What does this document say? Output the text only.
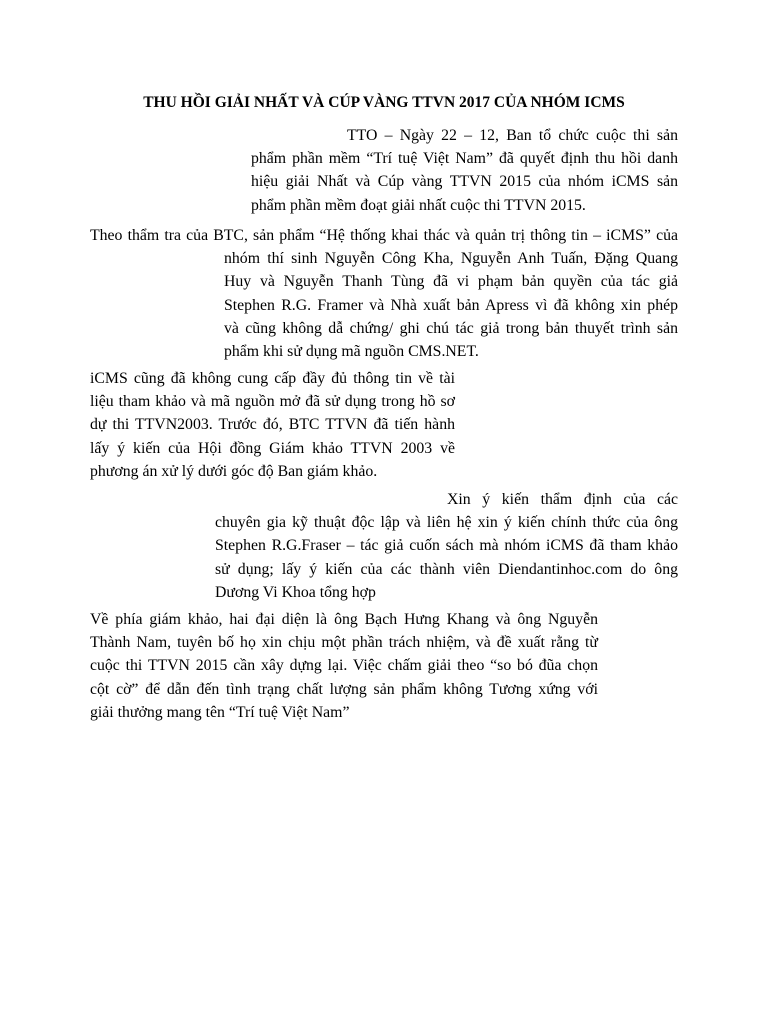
THU HỒI GIẢI NHẤT VÀ CÚP VÀNG TTVN 2017 CỦA NHÓM ICMS
TTO – Ngày 22 – 12, Ban tổ chức cuộc thi sản
phẩm phần mềm “Trí tuệ Việt Nam” đã quyết định thu hồi danh
hiệu giải Nhất và Cúp vàng TTVN 2015 của nhóm iCMS sản
phẩm phần mềm đoạt giải nhất cuộc thi TTVN 2015.
Theo thẩm tra của BTC, sản phẩm “Hệ thống khai thác và quản trị thông tin – iCMS” của
nhóm thí sinh Nguyễn Công Kha, Nguyễn Anh Tuấn, Đặng Quang
Huy và Nguyễn Thanh Tùng đã vi phạm bản quyền của tác giả
Stephen R.G. Framer và Nhà xuất bản Apress vì đã không xin phép
và cũng không dẫ chứng/ ghi chú tác giả trong bản thuyết trình sản
phẩm khi sử dụng mã nguồn CMS.NET.
iCMS cũng đã không cung cấp đầy đủ thông tin về tài
liệu tham khảo và mã nguồn mở đã sử dụng trong hồ sơ
dự thi TTVN2003. Trước đó, BTC TTVN đã tiến hành
lấy ý kiến của Hội đồng Giám khảo TTVN 2003 về
phương án xử lý dưới góc độ Ban giám khảo.
Xin ý kiến thẩm định của các
chuyên gia kỹ thuật độc lập và liên hệ xin ý kiến chính thức của ông
Stephen R.G.Fraser – tác giả cuốn sách mà nhóm iCMS đã tham khảo
sử dụng; lấy ý kiến của các thành viên Diendantinhoc.com do ông
Dương Vi Khoa tổng hợp
Về phía giám khảo, hai đại diện là ông Bạch Hưng Khang và ông Nguyễn
Thành Nam, tuyên bố họ xin chịu một phần trách nhiệm, và đề xuất rằng từ
cuộc thi TTVN 2015 cần xây dựng lại. Việc chấm giải theo “so bó đũa chọn
cột cờ” để dẫn đến tình trạng chất lượng sản phẩm không Tương xứng với
giải thưởng mang tên “Trí tuệ Việt Nam”
